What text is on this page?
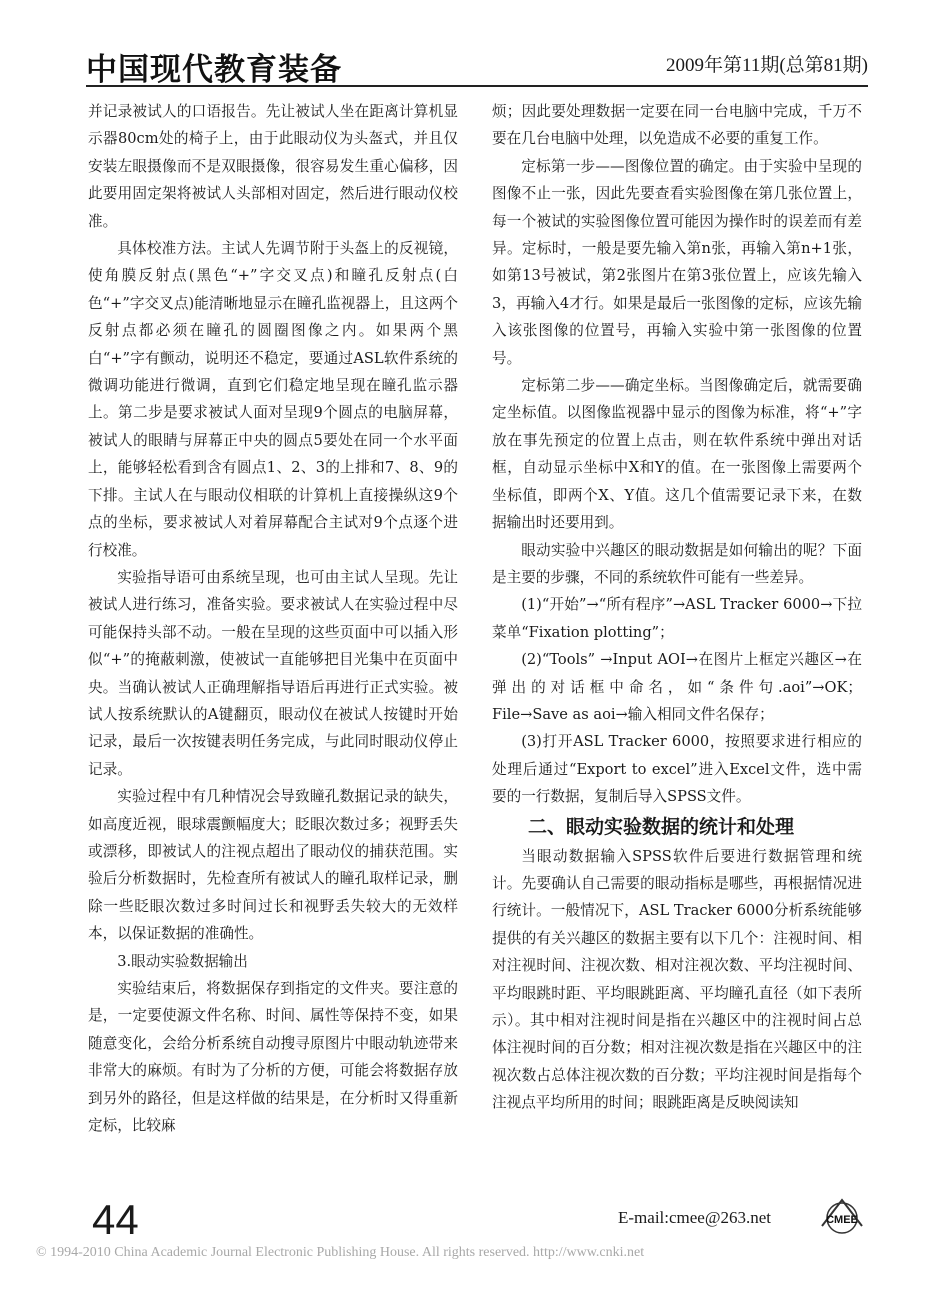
中国现代教育装备	2009年第11期(总第81期)

并记录被试人的口语报告。先让被试人坐在距离计算机显示器80cm处的椅子上，由于此眼动仪为头盔式，并且仅安装左眼摄像而不是双眼摄像，很容易发生重心偏移，因此要用固定架将被试人头部相对固定，然后进行眼动仪校准。

具体校准方法。主试人先调节附于头盔上的反视镜，使角膜反射点(黑色“+”字交叉点)和瞳孔反射点(白色“+”字交叉点)能清晰地显示在瞳孔监视器上，且这两个反射点都必须在瞳孔的圆圈图像之内。如果两个黑白“+”字有颤动，说明还不稳定，要通过ASL软件系统的微调功能进行微调，直到它们稳定地呈现在瞳孔监示器上。第二步是要求被试人面对呈现9个圆点的电脑屏幕，被试人的眼睛与屏幕正中央的圆点5要处在同一个水平面上，能够轻松看到含有圆点1、2、3的上排和7、8、9的下排。主试人在与眼动仪相联的计算机上直接操纵这9个点的坐标，要求被试人对着屏幕配合主试对9个点逐个进行校准。

实验指导语可由系统呈现，也可由主试人呈现。先让被试人进行练习，准备实验。要求被试人在实验过程中尽可能保持头部不动。一般在呈现的这些页面中可以插入形似“+”的掩蔽刺激，使被试一直能够把目光集中在页面中央。当确认被试人正确理解指导语后再进行正式实验。被试人按系统默认的A键翻页，眼动仪在被试人按键时开始记录，最后一次按键表明任务完成，与此同时眼动仪停止记录。

实验过程中有几种情况会导致瞳孔数据记录的缺失，如高度近视，眼球震颤幅度大；眨眼次数过多；视野丢失或漂移，即被试人的注视点超出了眼动仪的捕获范围。实验后分析数据时，先检查所有被试人的瞳孔取样记录，删除一些眨眼次数过多时间过长和视野丢失较大的无效样本，以保证数据的准确性。

3.眼动实验数据输出

实验结束后，将数据保存到指定的文件夹。要注意的是，一定要使源文件名称、时间、属性等保持不变，如果随意变化，会给分析系统自动搜寻原图片中眼动轨迹带来非常大的麻烦。有时为了分析的方便，可能会将数据存放到另外的路径，但是这样做的结果是，在分析时又得重新定标，比较麻

烦；因此要处理数据一定要在同一台电脑中完成，千万不要在几台电脑中处理，以免造成不必要的重复工作。

定标第一步——图像位置的确定。由于实验中呈现的图像不止一张，因此先要查看实验图像在第几张位置上，每一个被试的实验图像位置可能因为操作时的误差而有差异。定标时，一般是要先输入第n张，再输入第n+1张，如第13号被试，第2张图片在第3张位置上，应该先输入3，再输入4才行。如果是最后一张图像的定标，应该先输入该张图像的位置号，再输入实验中第一张图像的位置号。

定标第二步——确定坐标。当图像确定后，就需要确定坐标值。以图像监视器中显示的图像为标准，将“+”字放在事先预定的位置上点击，则在软件系统中弹出对话框，自动显示坐标中X和Y的值。在一张图像上需要两个坐标值，即两个X、Y值。这几个值需要记录下来，在数据输出时还要用到。

眼动实验中兴趣区的眼动数据是如何输出的呢？下面是主要的步骤，不同的系统软件可能有一些差异。

(1)“开始”→“所有程序”→ASL Tracker 6000→下拉菜单“Fixation plotting”；

(2)“Tools” →Input AOI→在图片上框定兴趣区→在弹出的对话框中命名，如“条件句.aoi”→OK；File→Save as aoi→输入相同文件名保存；

(3)打开ASL Tracker 6000，按照要求进行相应的处理后通过“Export to excel”进入Excel文件，选中需要的一行数据，复制后导入SPSS文件。

二、眼动实验数据的统计和处理

当眼动数据输入SPSS软件后要进行数据管理和统计。先要确认自己需要的眼动指标是哪些，再根据情况进行统计。一般情况下，ASL Tracker 6000分析系统能够提供的有关兴趣区的数据主要有以下几个：注视时间、相对注视时间、注视次数、相对注视次数、平均注视时间、平均眼跳时距、平均眼跳距离、平均瞳孔直径（如下表所示）。其中相对注视时间是指在兴趣区中的注视时间占总体注视时间的百分数；相对注视次数是指在兴趣区中的注视次数占总体注视次数的百分数；平均注视时间是指每个注视点平均所用的时间；眼跳距离是反映阅读知

44	E-mail:cmee@263.net	CMEE
© 1994-2010 China Academic Journal Electronic Publishing House. All rights reserved. http://www.cnki.net
